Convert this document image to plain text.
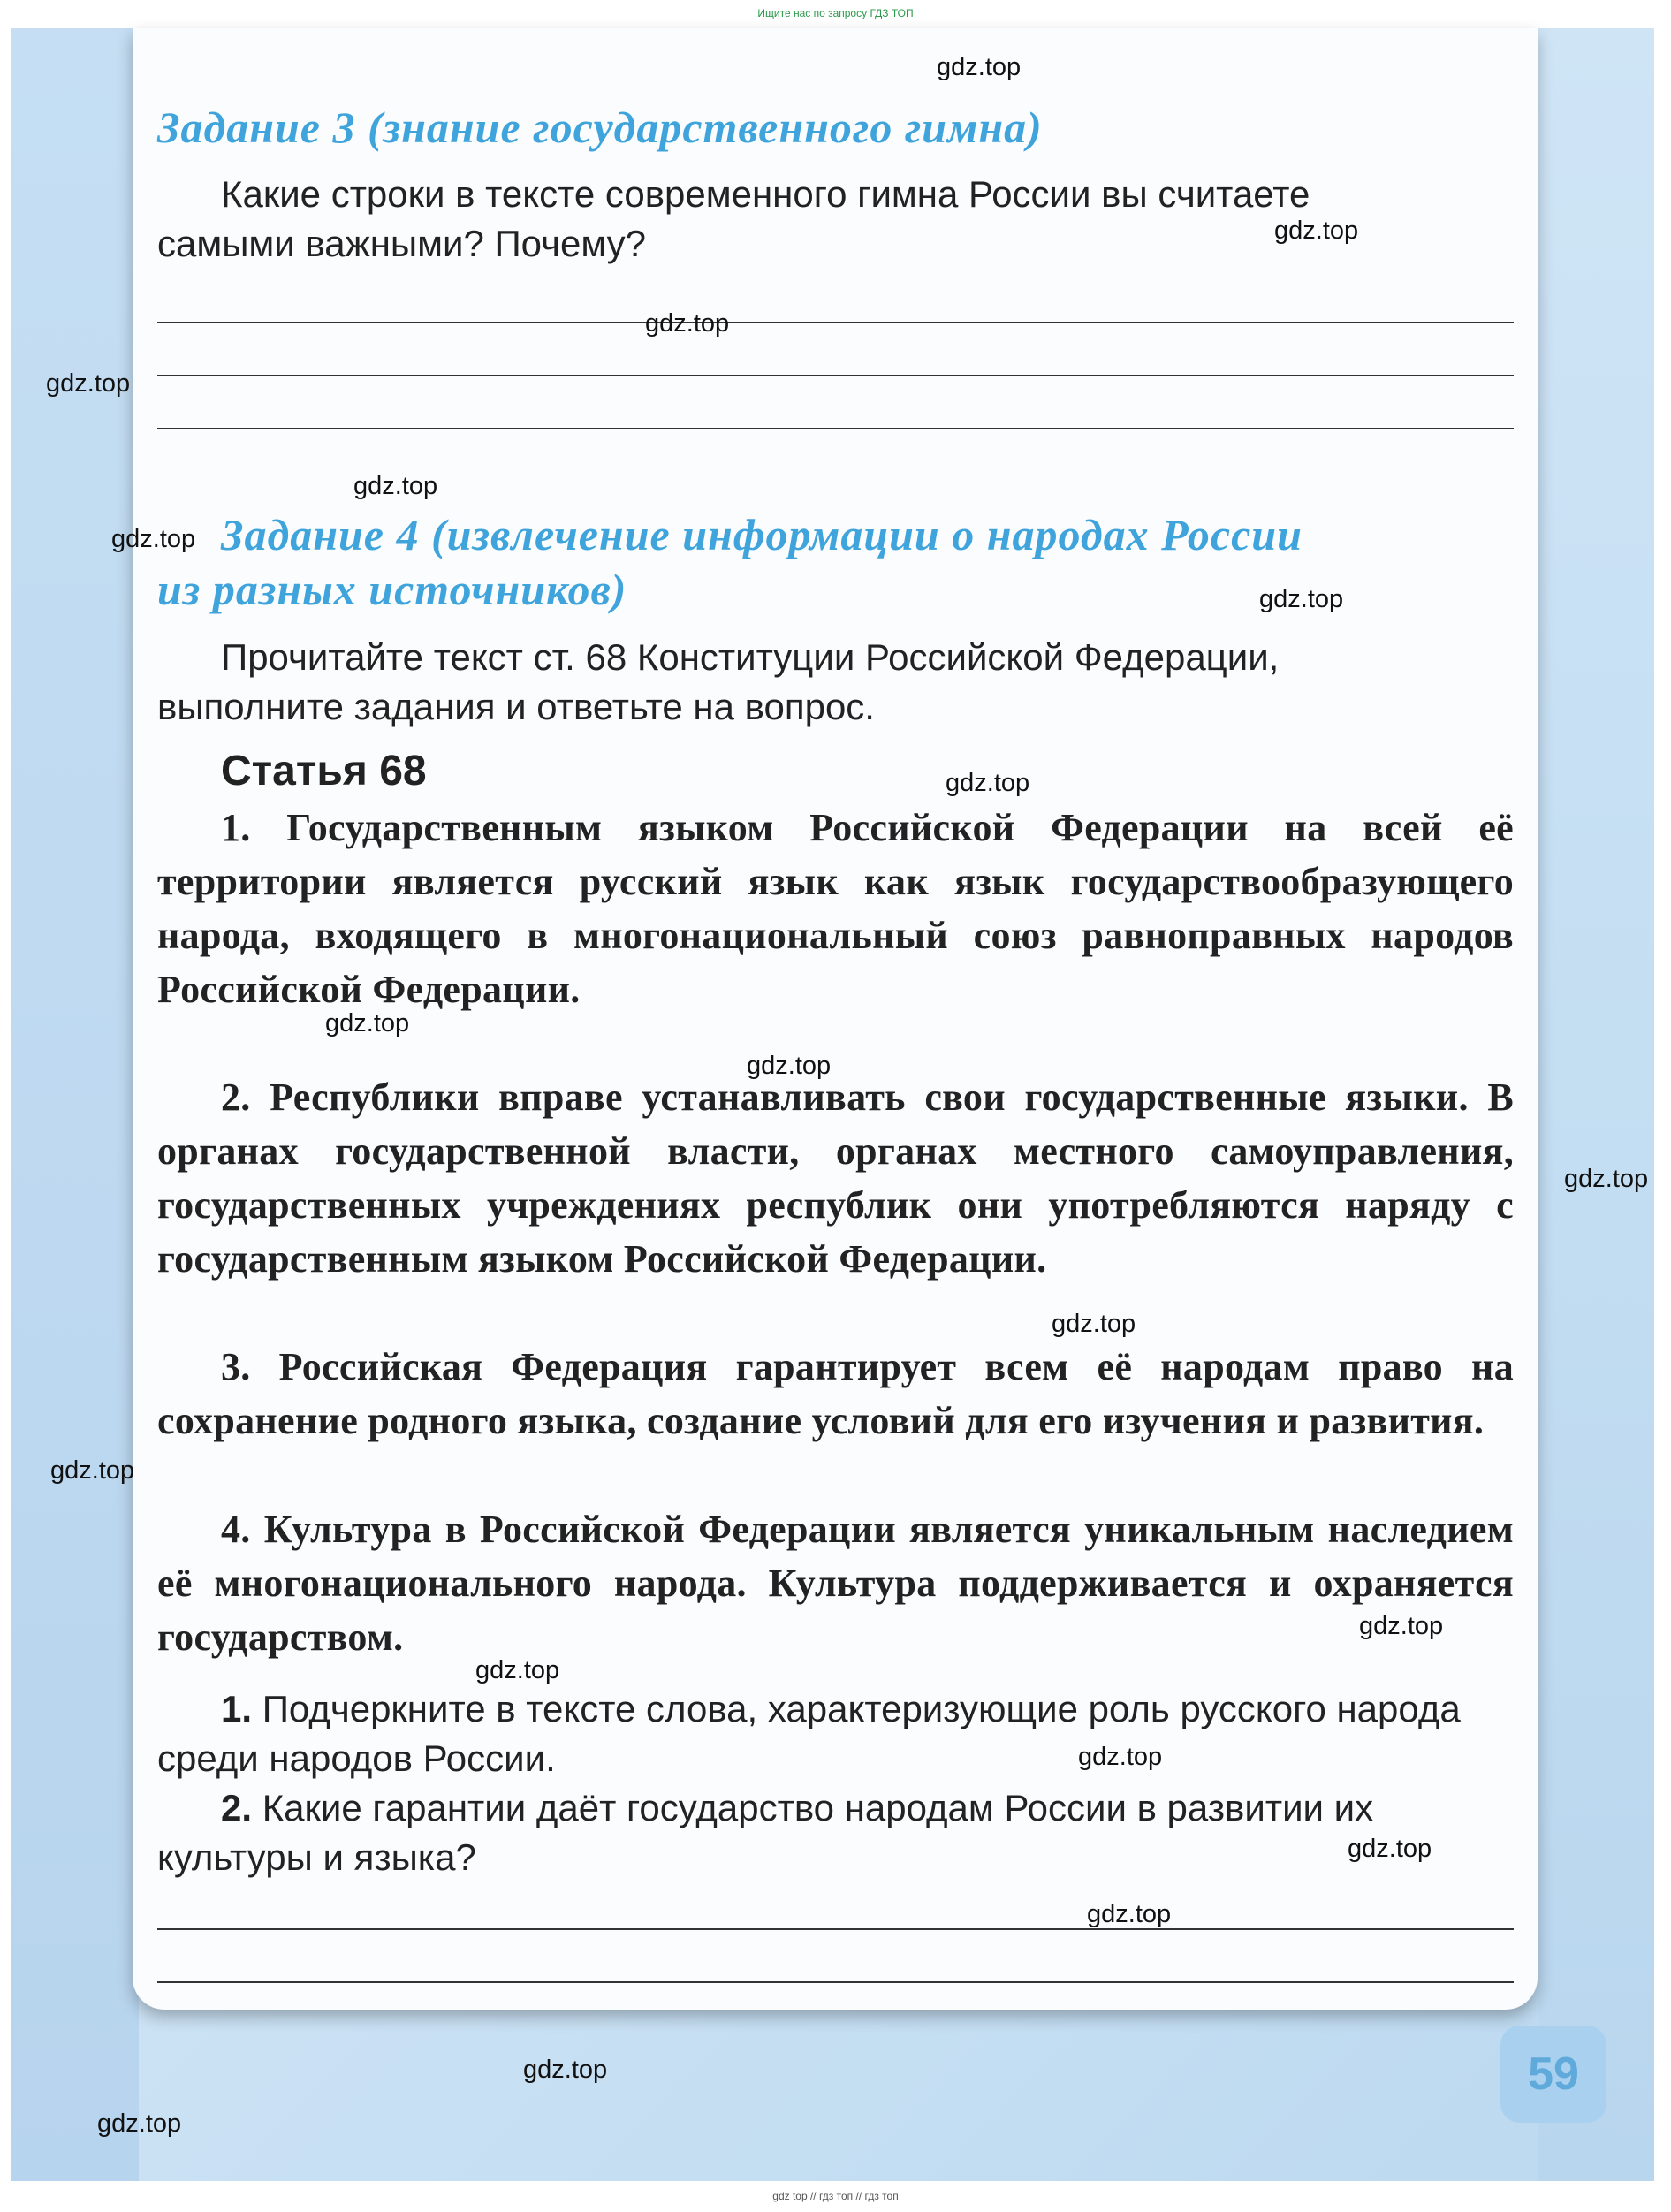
Ищите нас по запросу ГДЗ ТОП
Задание 3 (знание государственного гимна)
Какие строки в тексте современного гимна России вы считаете
самыми важными? Почему?
Задание 4 (извлечение информации о народах России
из разных источников)
Прочитайте текст ст. 68 Конституции Российской Федерации,
выполните задания и ответьте на вопрос.
Статья 68
1. Государственным языком Российской Федерации на всей её территории является русский язык как язык государствообразующего народа, входящего в многонациональный союз равноправных народов Российской Федерации.
2. Республики вправе устанавливать свои государственные языки. В органах государственной власти, органах местного самоуправления, государственных учреждениях республик они употребляются наряду с государственным языком Российской Федерации.
3. Российская Федерация гарантирует всем её народам право на сохранение родного языка, создание условий для его изучения и развития.
4. Культура в Российской Федерации является уникальным наследием её многонационального народа. Культура поддерживается и охраняется государством.
1. Подчеркните в тексте слова, характеризующие роль русского народа среди народов России.
2. Какие гарантии даёт государство народам России в развитии их культуры и языка?
59
gdz.top
gdz.top
gdz.top
gdz.top
gdz.top
gdz.top
gdz.top
gdz.top
gdz.top
gdz.top
gdz.top
gdz.top
gdz.top
gdz.top
gdz.top
gdz.top
gdz.top
gdz.top
gdz.top
gdz.top
gdz top // гдз топ // гдз топ
